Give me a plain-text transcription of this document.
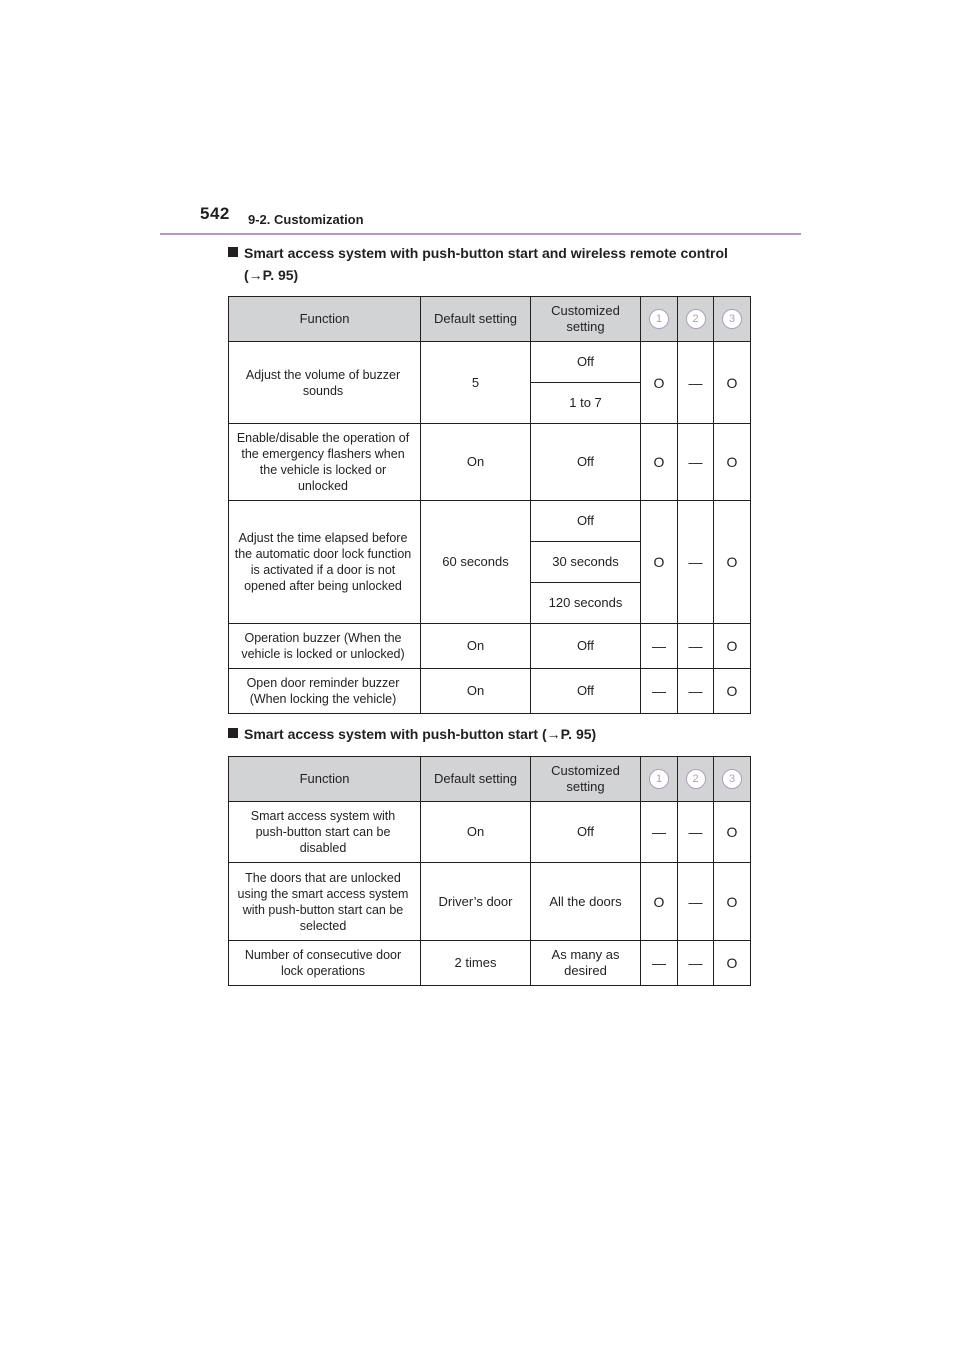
542 9-2. Customization
Smart access system with push-button start and wireless remote control
(→P. 95)
Function	Default setting	Customized setting	1	2	3
Adjust the volume of buzzer sounds	5	Off	O	—	O
		1 to 7			
Enable/disable the operation of the emergency flashers when the vehicle is locked or unlocked	On	Off	O	—	O
Adjust the time elapsed before the automatic door lock function is activated if a door is not opened after being unlocked	60 seconds	Off	O	—	O
		30 seconds			
		120 seconds			
Operation buzzer (When the vehicle is locked or unlocked)	On	Off	—	—	O
Open door reminder buzzer (When locking the vehicle)	On	Off	—	—	O
Smart access system with push-button start (→P. 95)
Function	Default setting	Customized setting	1	2	3
Smart access system with push-button start can be disabled	On	Off	—	—	O
The doors that are unlocked using the smart access system with push-button start can be selected	Driver’s door	All the doors	O	—	O
Number of consecutive door lock operations	2 times	As many as desired	—	—	O
